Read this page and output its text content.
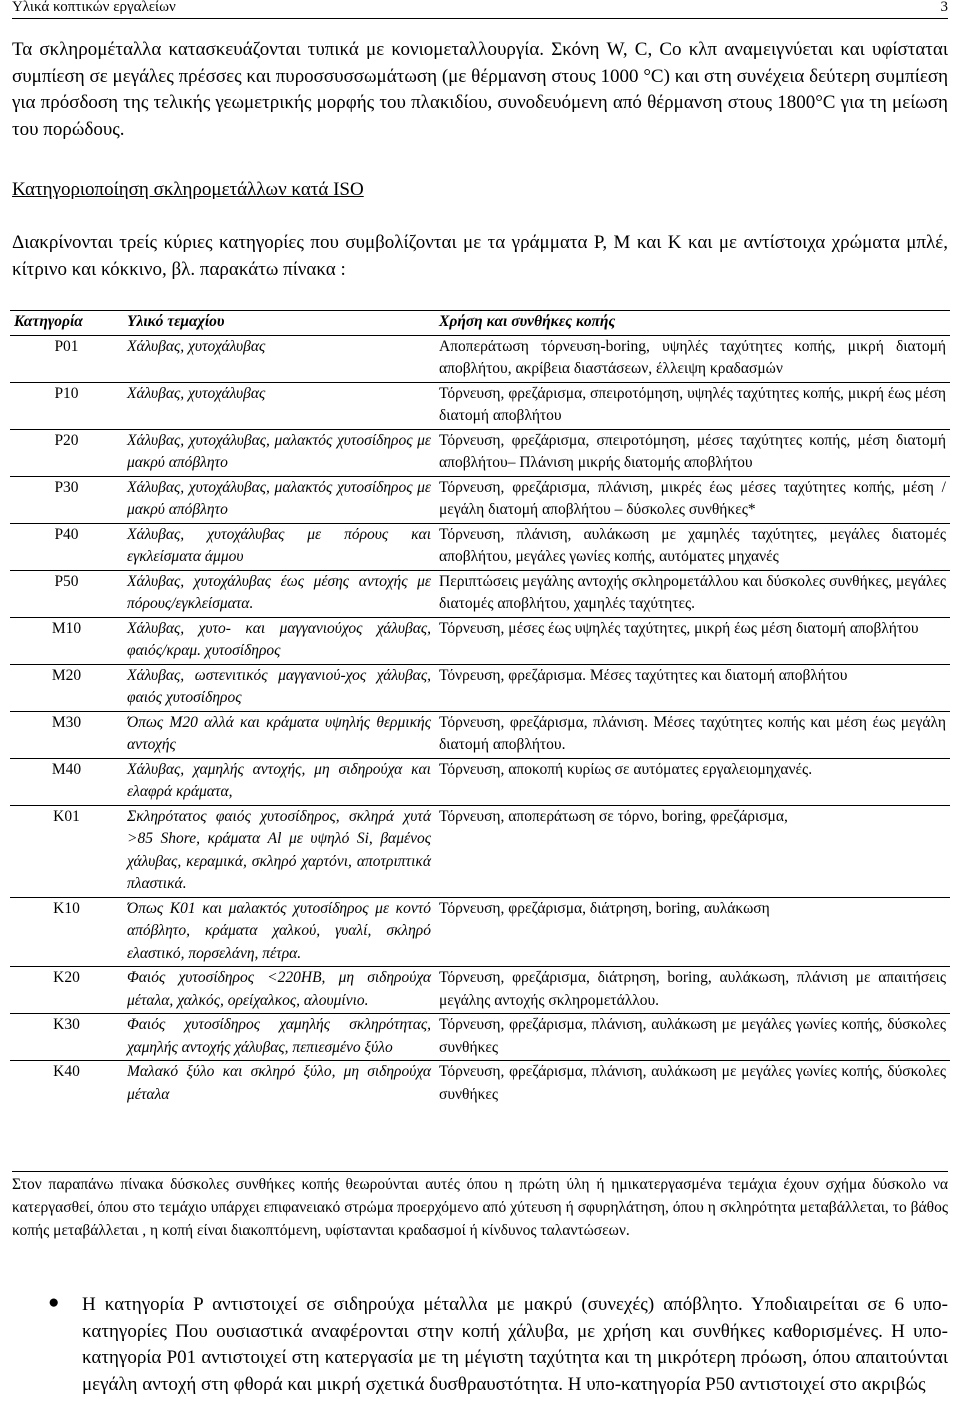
Υλικά κοπτικών εργαλείων	3

Τα σκληρομέταλλα κατασκευάζονται τυπικά με κονιομεταλλουργία. Σκόνη W, C, Co κλπ αναμειγνύεται και υφίσταται συμπίεση σε μεγάλες πρέσσες και πυροσσυσσωμάτωση (με θέρμανση στους 1000 °C) και στη συνέχεια δεύτερη συμπίεση για πρόσδοση της τελικής γεωμετρικής μορφής του πλακιδίου, συνοδευόμενη από θέρμανση στους 1800°C για τη μείωση του πορώδους.

Κατηγοριοποίηση σκληρομετάλλων κατά ISO

Διακρίνονται τρείς κύριες κατηγορίες που συμβολίζονται με τα γράμματα P, M και K και με αντίστοιχα χρώματα μπλέ, κίτρινο και κόκκινο, βλ. παρακάτω πίνακα :

Κατηγορία	Υλικό τεμαχίου	Χρήση και συνθήκες κοπής
P01	Χάλυβας, χυτοχάλυβας	Αποπεράτωση τόρνευση-boring, υψηλές ταχύτητες κοπής, μικρή διατομή αποβλήτου, ακρίβεια διαστάσεων, έλλειψη κραδασμών
P10	Χάλυβας, χυτοχάλυβας	Τόρνευση, φρεζάρισμα, σπειροτόμηση, υψηλές ταχύτητες κοπής, μικρή έως μέση διατομή αποβλήτου
P20	Χάλυβας, χυτοχάλυβας, μαλακτός χυτοσίδηρος με μακρύ απόβλητο	Τόρνευση, φρεζάρισμα, σπειροτόμηση, μέσες ταχύτητες κοπής, μέση διατομή αποβλήτου– Πλάνιση μικρής διατομής αποβλήτου
P30	Χάλυβας, χυτοχάλυβας, μαλακτός χυτοσίδηρος με μακρύ απόβλητο	Τόρνευση, φρεζάρισμα, πλάνιση, μικρές έως μέσες ταχύτητες κοπής, μέση /μεγάλη διατομή αποβλήτου – δύσκολες συνθήκες*
P40	Χάλυβας, χυτοχάλυβας με πόρους και εγκλείσματα άμμου	Τόρνευση, πλάνιση, αυλάκωση με χαμηλές ταχύτητες, μεγάλες διατομές αποβλήτου, μεγάλες γωνίες κοπής, αυτόματες μηχανές
P50	Χάλυβας, χυτοχάλυβας έως μέσης αντοχής με πόρους/εγκλείσματα.	Περιπτώσεις μεγάλης αντοχής σκληρομετάλλου και δύσκολες συνθήκες, μεγάλες διατομές αποβλήτου, χαμηλές ταχύτητες.
M10	Χάλυβας, χυτο- και μαγγανιούχος χάλυβας, φαιός/κραμ. χυτοσίδηρος	Τόρνευση, μέσες έως υψηλές ταχύτητες, μικρή έως μέση διατομή αποβλήτου
M20	Χάλυβας, ωστενιτικός μαγγανιού-χος χάλυβας, φαιός χυτοσίδηρος	Τόνρευση, φρεζάρισμα. Μέσες ταχύτητες και διατομή αποβλήτου
M30	Όπως M20 αλλά και κράματα υψηλής θερμικής αντοχής	Τόρνευση, φρεζάρισμα, πλάνιση. Μέσες ταχύτητες κοπής και μέση έως μεγάλη διατομή αποβλήτου.
M40	Χάλυβας, χαμηλής αντοχής, μη σιδηρούχα και ελαφρά κράματα,	Τόρνευση, αποκοπή κυρίως σε αυτόματες εργαλειομηχανές.
K01	Σκληρότατος φαιός χυτοσίδηρος, σκληρά χυτά >85 Shore, κράματα Al με υψηλό Si, βαμένος χάλυβας, κεραμικά, σκληρό χαρτόνι, αποτριπτικά πλαστικά.	Τόρνευση, αποπεράτωση σε τόρνο, boring, φρεζάρισμα,
K10	Όπως K01 και μαλακτός χυτοσίδηρος με κοντό απόβλητο, κράματα χαλκού, γυαλί, σκληρό ελαστικό, πορσελάνη, πέτρα.	Τόρνευση, φρεζάρισμα, διάτρηση, boring, αυλάκωση
K20	Φαιός χυτοσίδηρος <220HB, μη σιδηρούχα μέταλα, χαλκός, ορείχαλκος, αλουμίνιο.	Τόρνευση, φρεζάρισμα, διάτρηση, boring, αυλάκωση, πλάνιση με απαιτήσεις μεγάλης αντοχής σκληρομετάλλου.
K30	Φαιός χυτοσίδηρος χαμηλής σκληρότητας, χαμηλής αντοχής χάλυβας, πεπιεσμένο ξύλο	Τόρνευση, φρεζάρισμα, πλάνιση, αυλάκωση με μεγάλες γωνίες κοπής, δύσκολες συνθήκες
K40	Μαλακό ξύλο και σκληρό ξύλο, μη σιδηρούχα μέταλα	Τόρνευση, φρεζάρισμα, πλάνιση, αυλάκωση με μεγάλες γωνίες κοπής, δύσκολες συνθήκες

Στον παραπάνω πίνακα δύσκολες συνθήκες κοπής θεωρούνται αυτές όπου η πρώτη ύλη ή ημικατεργασμένα τεμάχια έχουν σχήμα δύσκολο να κατεργασθεί, όπου στο τεμάχιο υπάρχει επιφανειακό στρώμα προερχόμενο από χύτευση ή σφυρηλάτηση, όπου η σκληρότητα μεταβάλλεται, το βάθος κοπής μεταβάλλεται , η κοπή είναι διακοπτόμενη, υφίστανται κραδασμοί ή κίνδυνος ταλαντώσεων.

●	Η κατηγορία P αντιστοιχεί σε σιδηρούχα μέταλλα με μακρύ (συνεχές) απόβλητο. Υποδιαιρείται σε 6 υπο-κατηγορίες Που ουσιαστικά αναφέρονται στην κοπή χάλυβα, με χρήση και συνθήκες καθορισμένες. Η υπο-κατηγορία P01 αντιστοιχεί στη κατεργασία με τη μέγιστη ταχύτητα και τη μικρότερη πρόωση, όπου απαιτούνται μεγάλη αντοχή στη φθορά και μικρή σχετικά δυσθραυστότητα. Η υπο-κατηγορία P50 αντιστοιχεί στο ακριβώς
